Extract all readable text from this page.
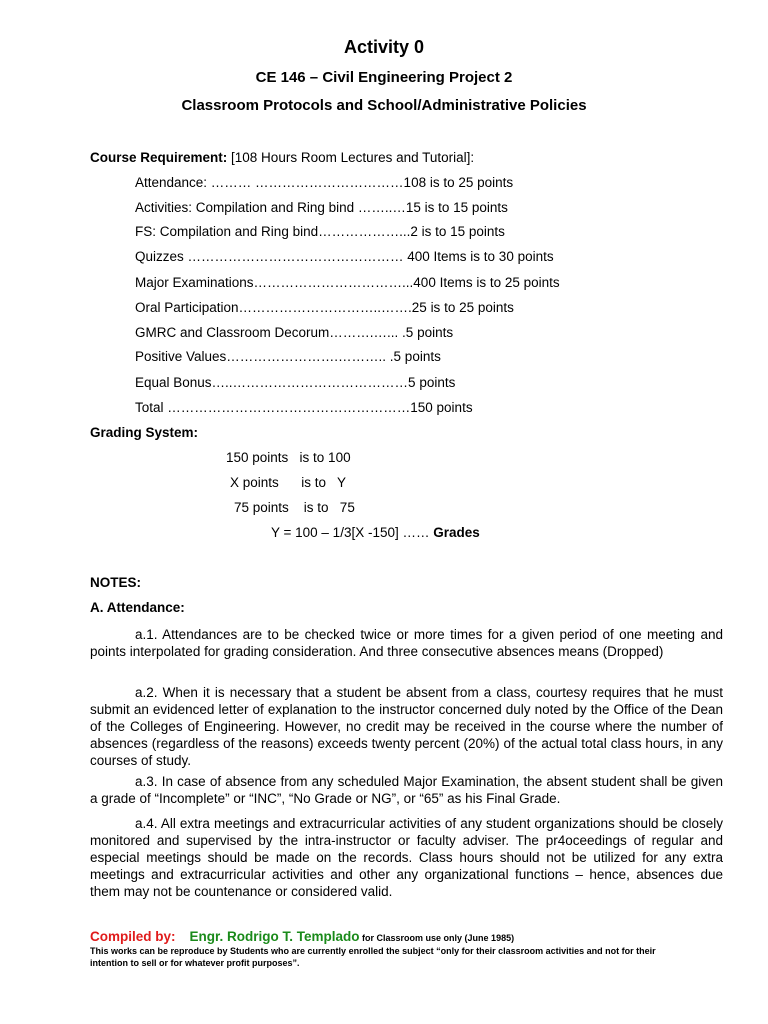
Activity 0
CE 146 – Civil Engineering Project 2
Classroom Protocols and School/Administrative Policies
Course Requirement: [108 Hours Room Lectures and Tutorial]:
Attendance: ……… ……………………………108 is to 25 points
Activities: Compilation and Ring bind ……..…15 is to 15 points
FS: Compilation and Ring bind………………...2 is to 15 points
Quizzes ………………………………………… 400 Items is to 30 points
Major Examinations……………………………...400 Items is to 25 points
Oral Participation…………………………..…….25 is to 25 points
GMRC and Classroom Decorum……….…... .5 points
Positive Values…………………….……….. .5 points
Equal Bonus…..…………………………………5 points
Total ………………………………………………150 points
Grading System:
150 points   is to 100
X points      is to   Y
75 points    is to   75
Y = 100 – 1/3[X -150] …… Grades
NOTES:
A. Attendance:
a.1. Attendances are to be checked twice or more times for a given period of one meeting and points interpolated for grading consideration. And three consecutive absences means (Dropped)
a.2. When it is necessary that a student be absent from a class, courtesy requires that he must submit an evidenced letter of explanation to the instructor concerned duly noted by the Office of the Dean of the Colleges of Engineering. However, no credit may be received in the course where the number of absences (regardless of the reasons) exceeds twenty percent (20%) of the actual total class hours, in any courses of study.
a.3. In case of absence from any scheduled Major Examination, the absent student shall be given a grade of “Incomplete” or “INC”, “No Grade or NG”, or “65” as his Final Grade.
a.4. All extra meetings and extracurricular activities of any student organizations should be closely monitored and supervised by the intra-instructor or faculty adviser. The pr4oceedings of regular and especial meetings should be made on the records. Class hours should not be utilized for any extra meetings and extracurricular activities and other any organizational functions – hence, absences due them may not be countenance or considered valid.
Compiled by: Engr. Rodrigo T. Templado for Classroom use only (June 1985)
This works can be reproduce by Students who are currently enrolled the subject “only for their classroom activities and not for their intention to sell or for whatever profit purposes”.
